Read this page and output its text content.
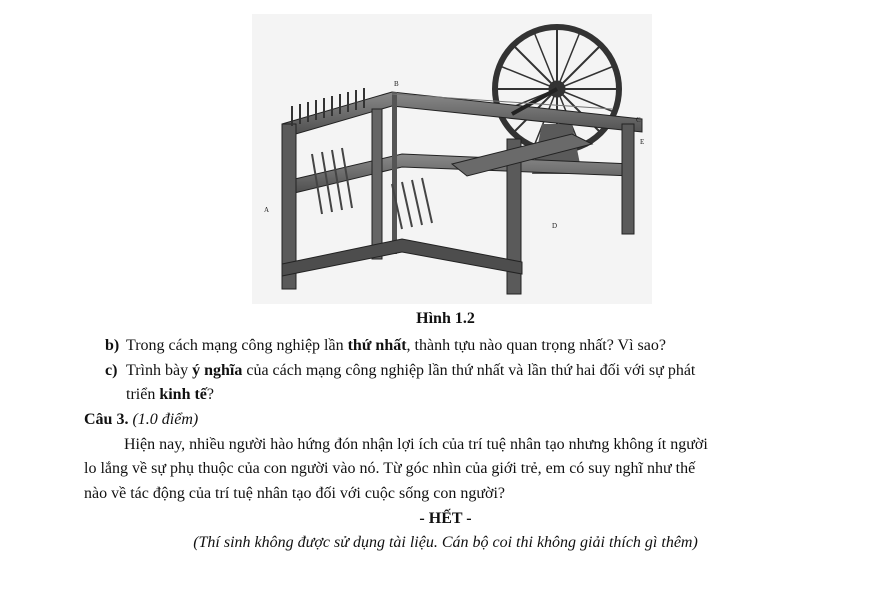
A
B
C
D
E
Hình 1.2
b) Trong cách mạng công nghiệp lần thứ nhất, thành tựu nào quan trọng nhất? Vì sao?
c) Trình bày ý nghĩa của cách mạng công nghiệp lần thứ nhất và lần thứ hai đối với sự phát
triển kinh tế?
Câu 3. (1.0 điểm)
Hiện nay, nhiều người hào hứng đón nhận lợi ích của trí tuệ nhân tạo nhưng không ít người
lo lắng về sự phụ thuộc của con người vào nó. Từ góc nhìn của giới trẻ, em có suy nghĩ như thế
nào về tác động của trí tuệ nhân tạo đối với cuộc sống con người?
- HẾT -
(Thí sinh không được sử dụng tài liệu. Cán bộ coi thi không giải thích gì thêm)
